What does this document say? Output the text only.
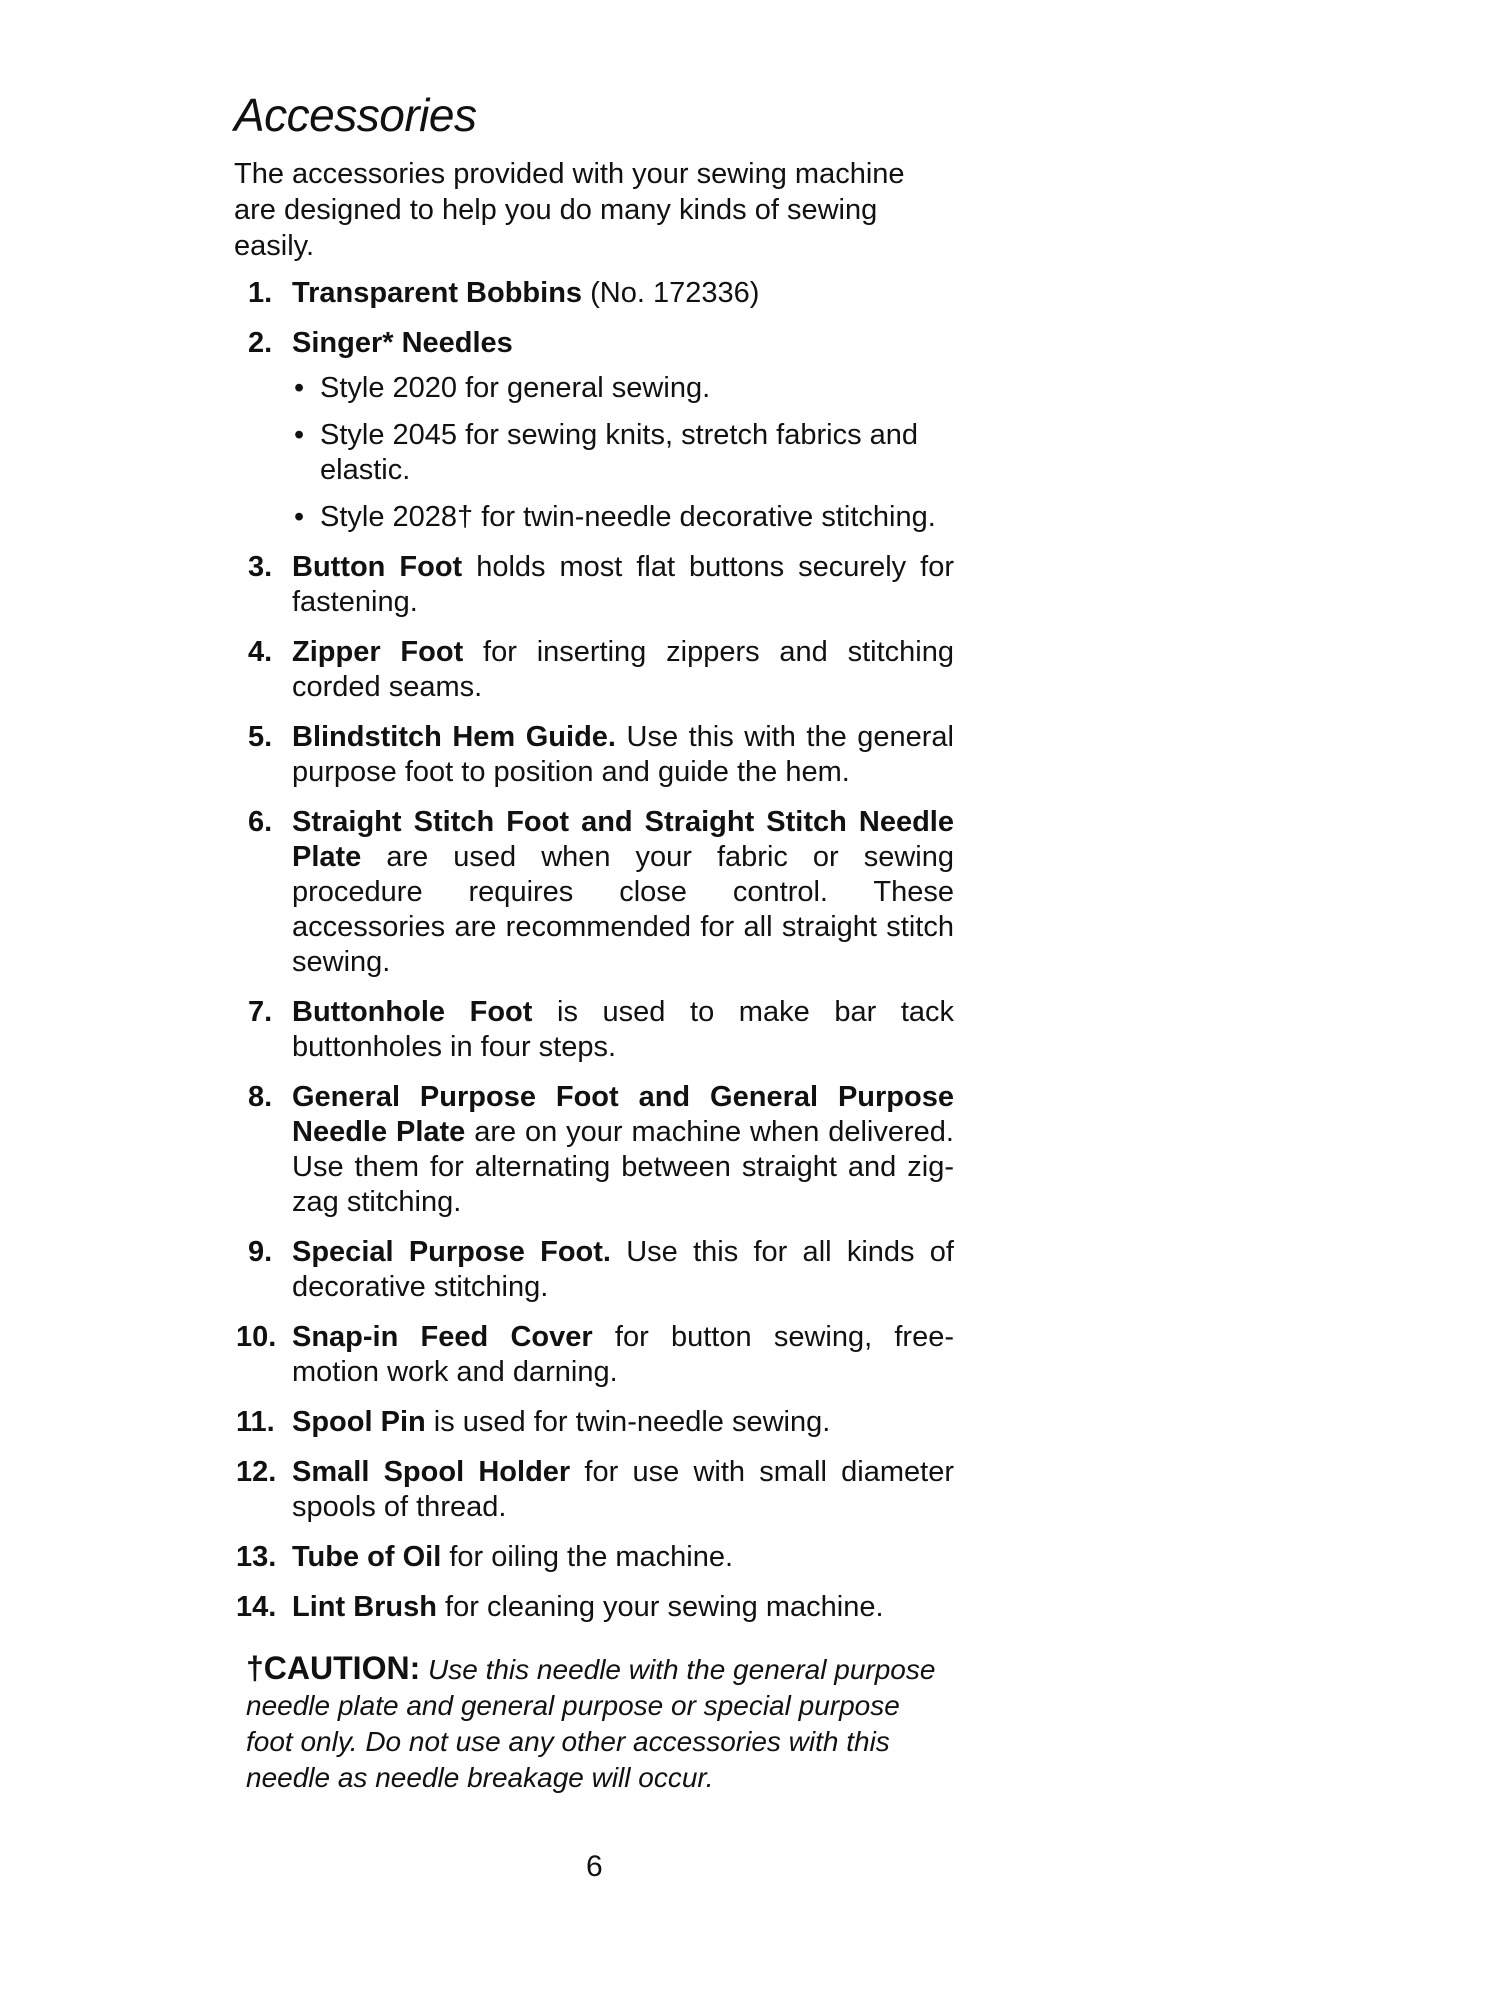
Accessories

The accessories provided with your sewing machine are designed to help you do many kinds of sewing easily.

1. Transparent Bobbins (No. 172336)
2. Singer* Needles
• Style 2020 for general sewing.
• Style 2045 for sewing knits, stretch fabrics and elastic.
• Style 2028† for twin-needle decorative stitching.
3. Button Foot holds most flat buttons securely for fastening.
4. Zipper Foot for inserting zippers and stitching corded seams.
5. Blindstitch Hem Guide. Use this with the general purpose foot to position and guide the hem.
6. Straight Stitch Foot and Straight Stitch Needle Plate are used when your fabric or sewing procedure requires close control. These accessories are recommended for all straight stitch sewing.
7. Buttonhole Foot is used to make bar tack buttonholes in four steps.
8. General Purpose Foot and General Purpose Needle Plate are on your machine when delivered. Use them for alternating between straight and zig-zag stitching.
9. Special Purpose Foot. Use this for all kinds of decorative stitching.
10. Snap-in Feed Cover for button sewing, free-motion work and darning.
11. Spool Pin is used for twin-needle sewing.
12. Small Spool Holder for use with small diameter spools of thread.
13. Tube of Oil for oiling the machine.
14. Lint Brush for cleaning your sewing machine.

†CAUTION: Use this needle with the general purpose needle plate and general purpose or special purpose foot only. Do not use any other accessories with this needle as needle breakage will occur.

6
